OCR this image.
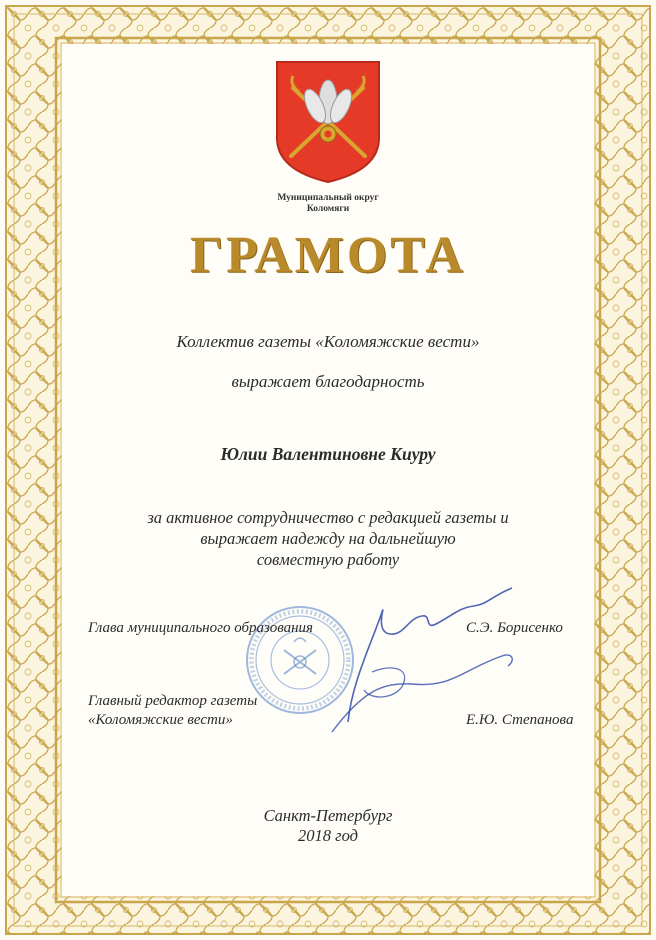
Муниципальный округ
Коломяги
ГРАМОТА
Коллектив газеты «Коломяжские вести»
выражает благодарность
Юлии Валентиновне Киуру
за активное сотрудничество с редакцией газеты и
выражает надежду на дальнейшую
совместную работу
Глава муниципального образования	С.Э. Борисенко
Главный редактор газеты
«Коломяжские вести»	Е.Ю. Степанова
Санкт-Петербург
2018 год
